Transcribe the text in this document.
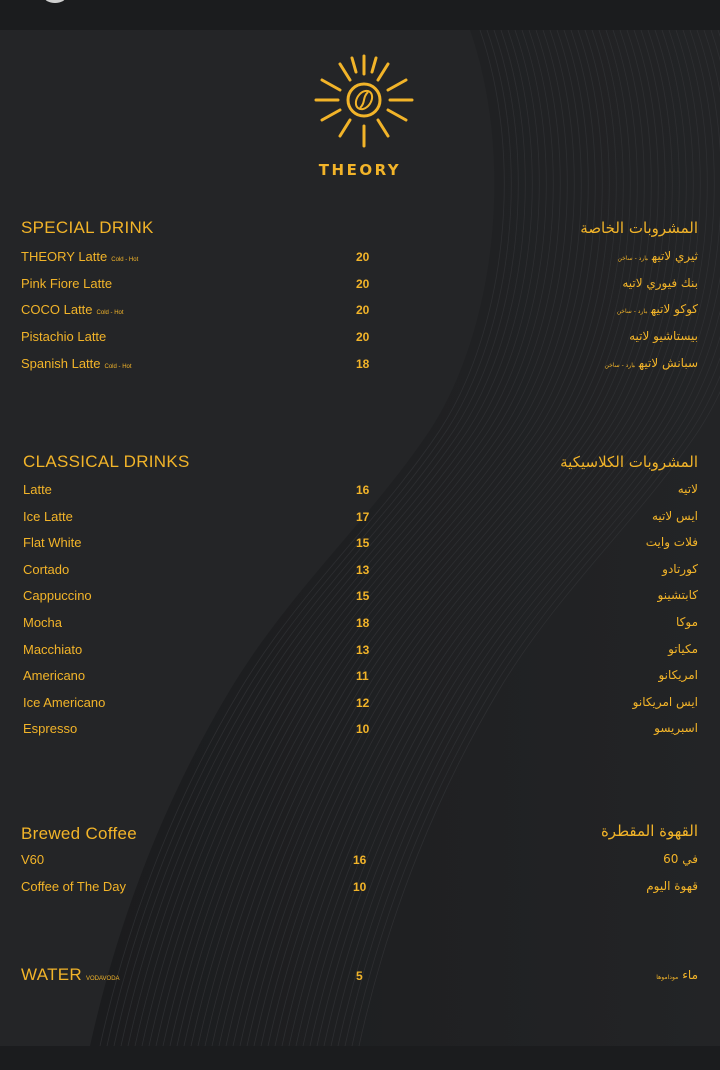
THEORY
SPECIAL DRINK	المشروبات الخاصة
THEORY Latte Cold - Hot	20	ثيري لاتيهبارد - ساخن
Pink Fiore Latte	20	بنك فيوري لاتيه
COCO Latte Cold - Hot	20	كوكو لاتيهبارد - ساخن
Pistachio Latte	20	بيستاشيو لاتيه
Spanish Latte Cold - Hot	18	سبانش لاتيهبارد - ساخن
CLASSICAL DRINKS	المشروبات الكلاسيكية
Latte	16	لاتيه
Ice Latte	17	ايس لاتيه
Flat White	15	فلات وايت
Cortado	13	كورتادو
Cappuccino	15	كابتشينو
Mocha	18	موكا
Macchiato	13	مكياتو
Americano	11	امريكانو
Ice Americano	12	ايس امريكانو
Espresso	10	اسبريسو
Brewed Coffee	القهوة المقطرة
V60	16	في 60
Coffee of The Day	10	قهوة اليوم
WATER VODAVODA	5	ماءموداموها
